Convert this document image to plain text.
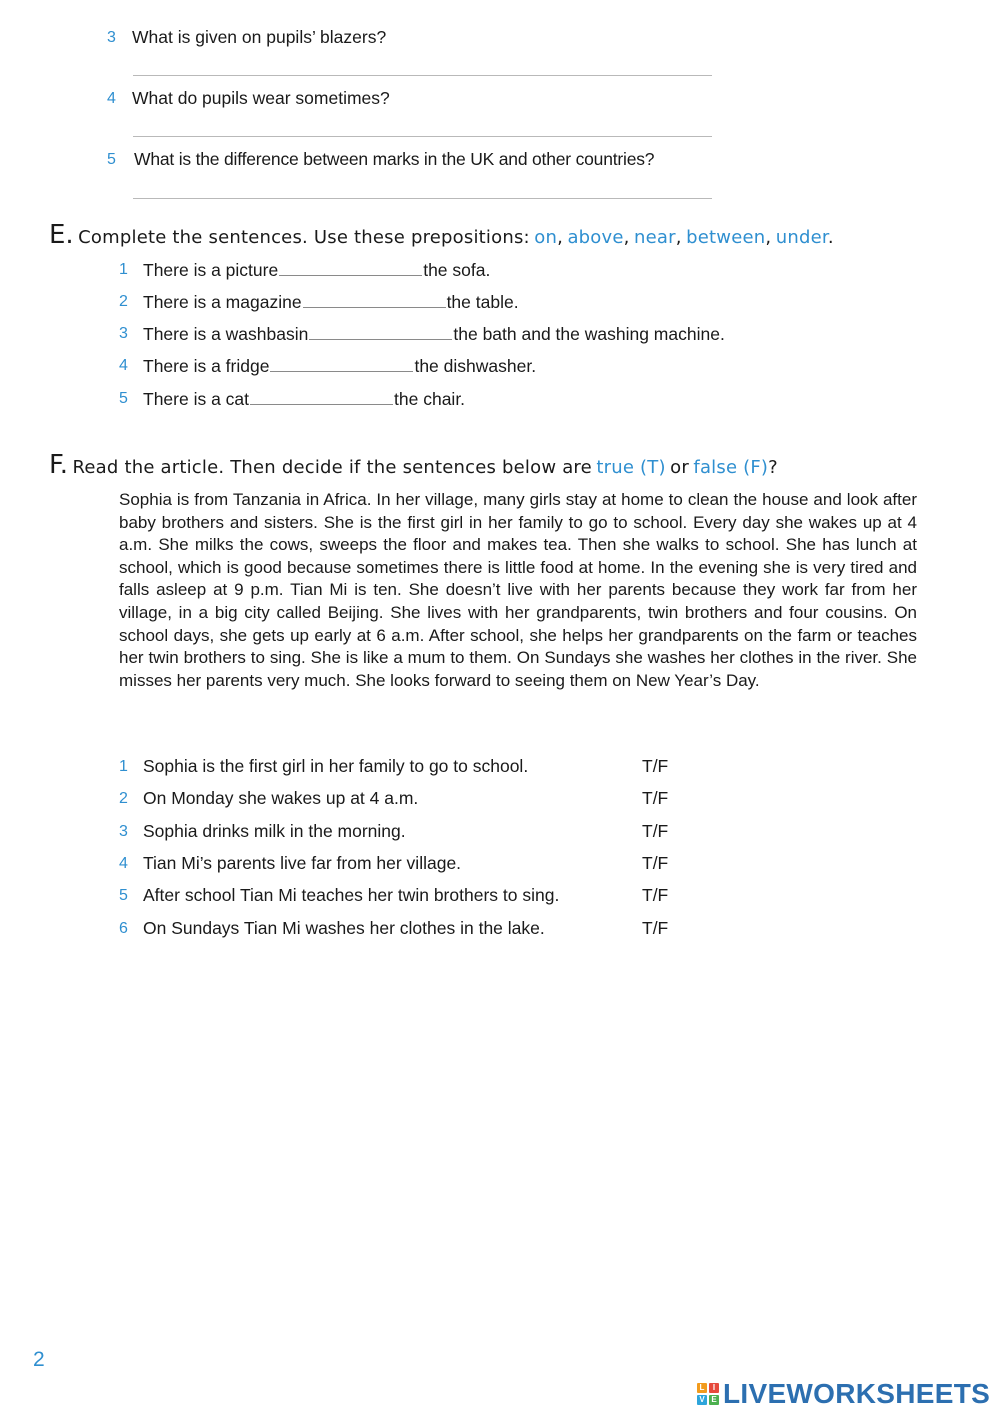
3 What is given on pupils’ blazers?
4 What do pupils wear sometimes?
5 What is the difference between marks in the UK and other countries?
E. Complete the sentences. Use these prepositions: on, above, near, between, under.
1 There is a picture	the sofa.
2 There is a magazine	the table.
3 There is a washbasin	the bath and the washing machine.
4 There is a fridge	the dishwasher.
5 There is a cat	the chair.
F. Read the article. Then decide if the sentences below are true (T) or false (F)?
Sophia is from Tanzania in Africa. In her village, many girls stay at home to clean the house and look after baby brothers and sisters. She is the first girl in her family to go to school. Every day she wakes up at 4 a.m. She milks the cows, sweeps the floor and makes tea. Then she walks to school. She has lunch at school, which is good because sometimes there is little food at home. In the evening she is very tired and falls asleep at 9 p.m. Tian Mi is ten. She doesn’t live with her parents because they work far from her village, in a big city called Beijing. She lives with her grandparents, twin brothers and four cousins. On school days, she gets up early at 6 a.m. After school, she helps her grandparents on the farm or teaches her twin brothers to sing. She is like a mum to them. On Sundays she washes her clothes in the river. She misses her parents very much. She looks forward to seeing them on New Year’s Day.
1 Sophia is the first girl in her family to go to school.	T/F
2 On Monday she wakes up at 4 a.m.	T/F
3 Sophia drinks milk in the morning.	T/F
4 Tian Mi’s parents live far from her village.	T/F
5 After school Tian Mi teaches her twin brothers to sing.	T/F
6 On Sundays Tian Mi washes her clothes in the lake.	T/F
2
L	I
V E LIVEWORKSHEETS
